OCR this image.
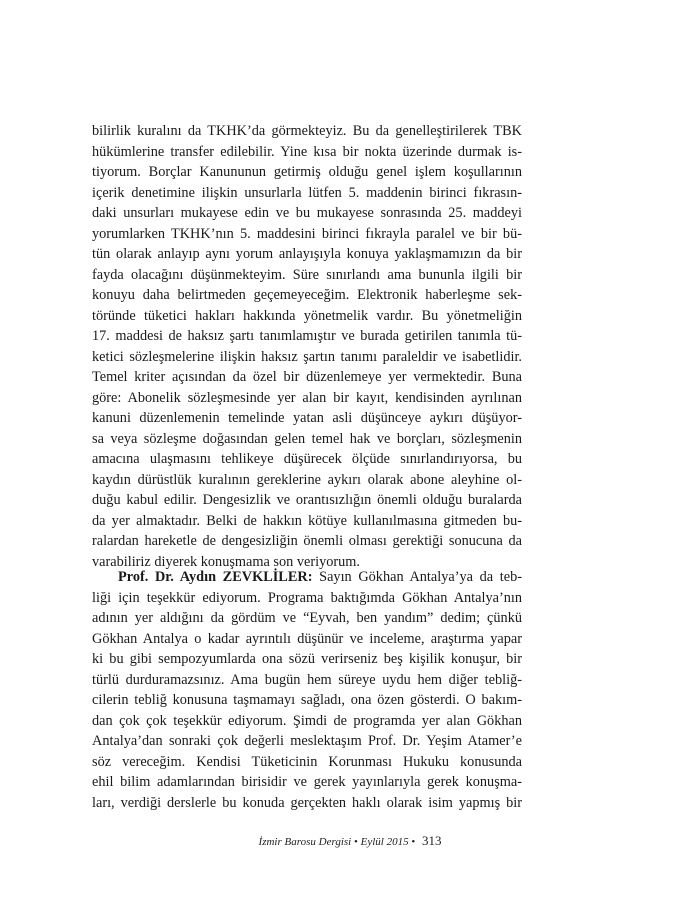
bilirlik kuralını da TKHK’da görmekteyiz. Bu da genelleştirilerek TBK
hükümlerine transfer edilebilir. Yine kısa bir nokta üzerinde durmak is-
tiyorum. Borçlar Kanununun getirmiş olduğu genel işlem koşullarının
içerik denetimine ilişkin unsurlarla lütfen 5. maddenin birinci fıkrasın-
daki unsurları mukayese edin ve bu mukayese sonrasında 25. maddeyi
yorumlarken TKHK’nın 5. maddesini birinci fıkrayla paralel ve bir bü-
tün olarak anlayıp aynı yorum anlayışıyla konuya yaklaşmamızın da bir
fayda olacağını düşünmekteyim. Süre sınırlandı ama bununla ilgili bir
konuyu daha belirtmeden geçemeyeceğim. Elektronik haberleşme sek-
töründe tüketici hakları hakkında yönetmelik vardır. Bu yönetmeliğin
17. maddesi de haksız şartı tanımlamıştır ve burada getirilen tanımla tü-
ketici sözleşmelerine ilişkin haksız şartın tanımı paraleldir ve isabetlidir.
Temel kriter açısından da özel bir düzenlemeye yer vermektedir. Buna
göre: Abonelik sözleşmesinde yer alan bir kayıt, kendisinden ayrılınan
kanuni düzenlemenin temelinde yatan asli düşünceye aykırı düşüyor-
sa veya sözleşme doğasından gelen temel hak ve borçları, sözleşmenin
amacına ulaşmasını tehlikeye düşürecek ölçüde sınırlandırıyorsa, bu
kaydın dürüstlük kuralının gereklerine aykırı olarak abone aleyhine ol-
duğu kabul edilir. Dengesizlik ve orantısızlığın önemli olduğu buralarda
da yer almaktadır. Belki de hakkın kötüye kullanılmasına gitmeden bu-
ralardan hareketle de dengesizliğin önemli olması gerektiği sonucuna da
varabiliriz diyerek konuşmama son veriyorum.
Prof. Dr. Aydın ZEVKLİLER: Sayın Gökhan Antalya’ya da teb-
liği için teşekkür ediyorum. Programa baktığımda Gökhan Antalya’nın
adının yer aldığını da gördüm ve “Eyvah, ben yandım” dedim; çünkü
Gökhan Antalya o kadar ayrıntılı düşünür ve inceleme, araştırma yapar
ki bu gibi sempozyumlarda ona sözü verirseniz beş kişilik konuşur, bir
türlü durduramazsınız. Ama bugün hem süreye uydu hem diğer tebliğ-
cilerin tebliğ konusuna taşmamayı sağladı, ona özen gösterdi. O bakım-
dan çok çok teşekkür ediyorum. Şimdi de programda yer alan Gökhan
Antalya’dan sonraki çok değerli meslektaşım Prof. Dr. Yeşim Atamer’e
söz vereceğim. Kendisi Tüketicinin Korunması Hukuku konusunda
ehil bilim adamlarından birisidir ve gerek yayınlarıyla gerek konuşma-
ları, verdiği derslerle bu konuda gerçekten haklı olarak isim yapmış bir
İzmir Barosu Dergisi • Eylül 2015 • 313
